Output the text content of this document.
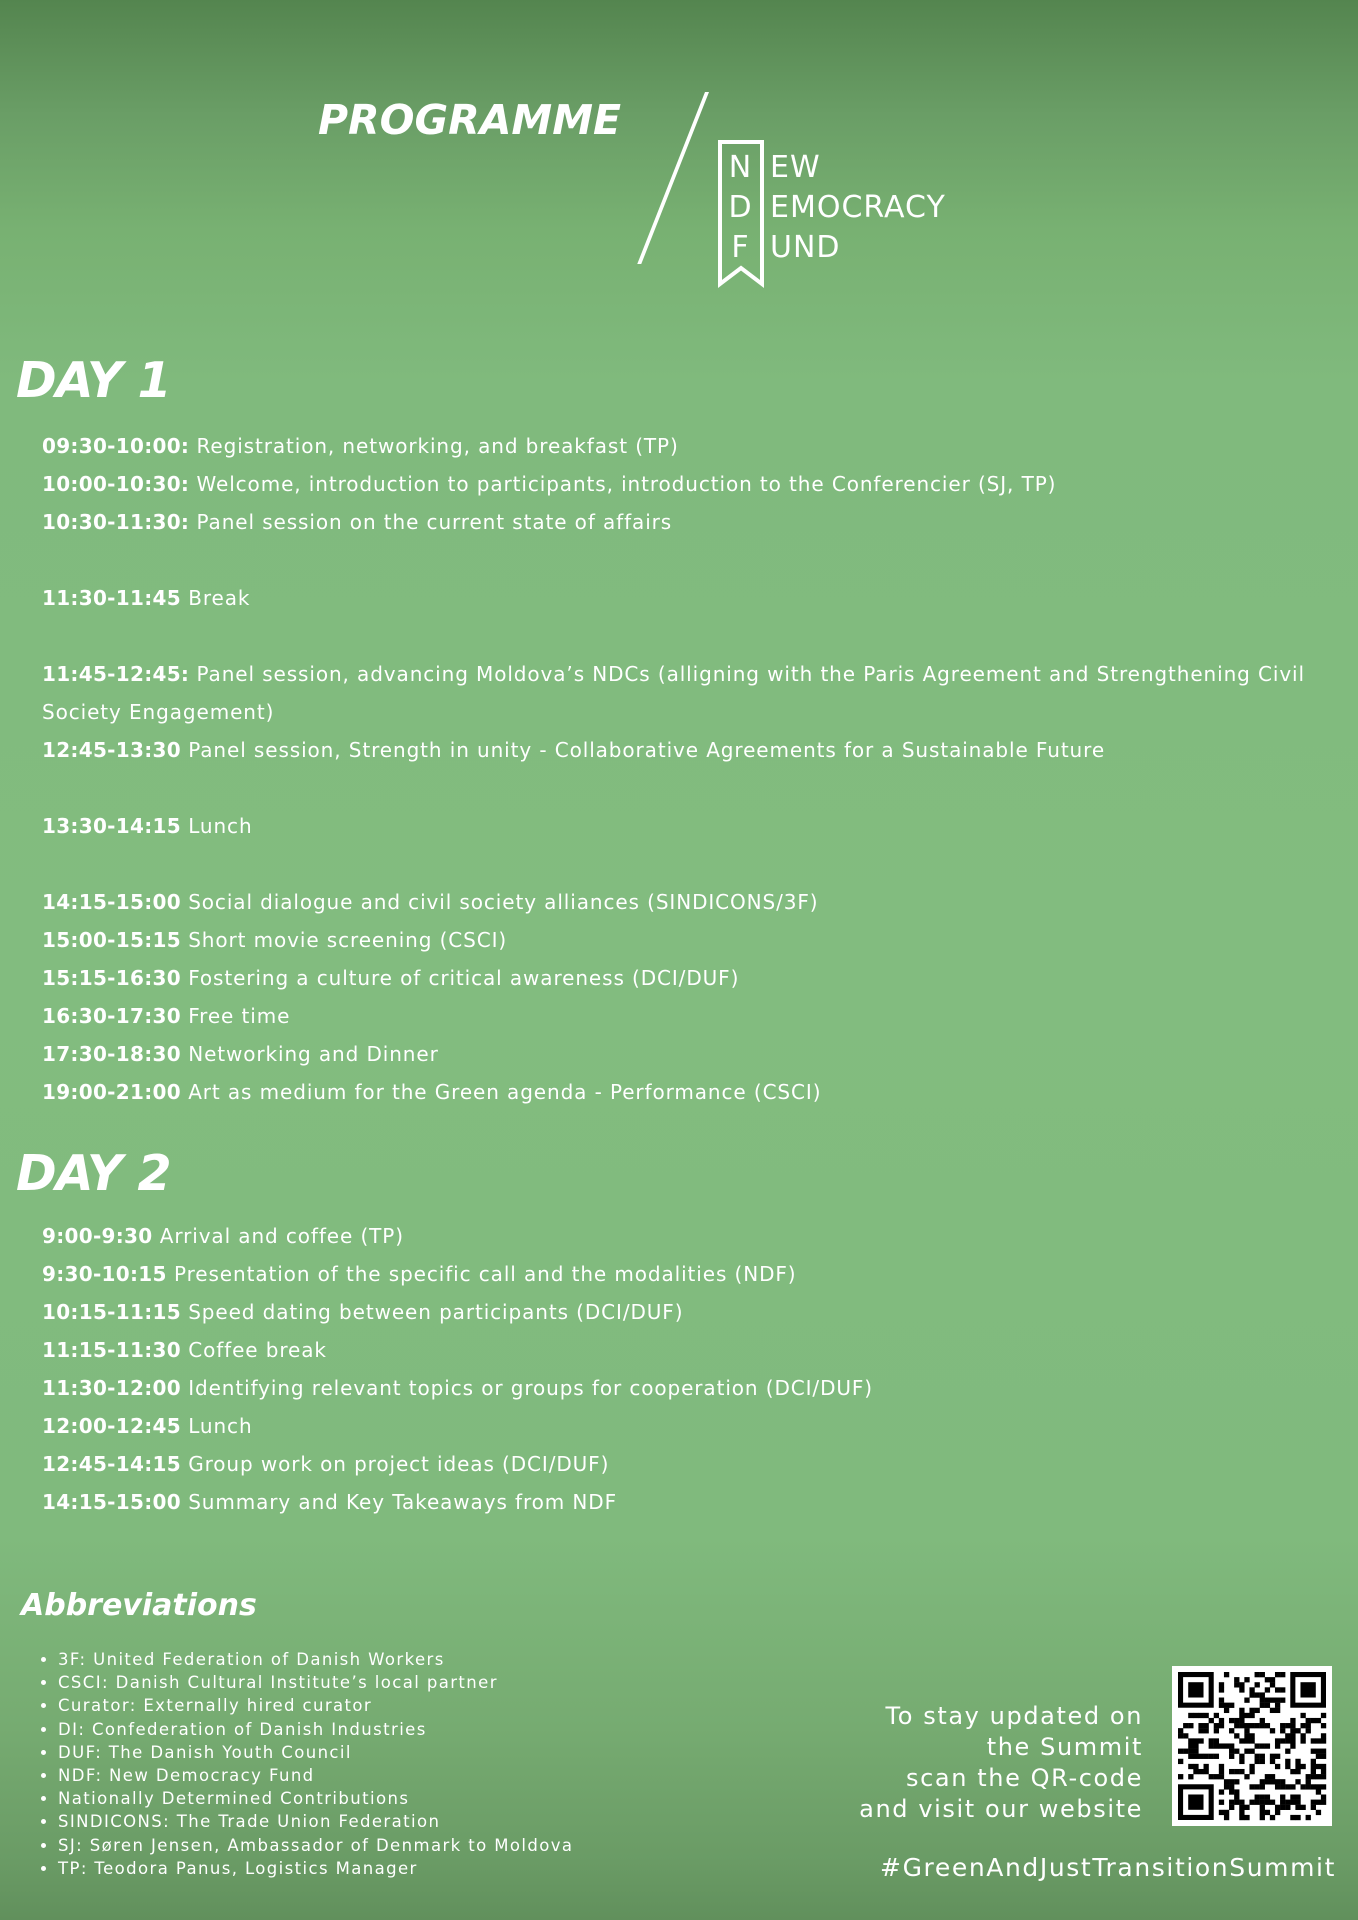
PROGRAMME
N
D
F
EW
EMOCRACY
UND
DAY 1
09:30-10:00: Registration, networking, and breakfast (TP)
10:00-10:30: Welcome, introduction to participants, introduction to the Conferencier (SJ, TP)
10:30-11:30: Panel session on the current state of affairs
11:30-11:45 Break
11:45-12:45: Panel session, advancing Moldova’s NDCs (alligning with the Paris Agreement and Strengthening Civil Society Engagement)
12:45-13:30 Panel session, Strength in unity - Collaborative Agreements for a Sustainable Future
13:30-14:15 Lunch
14:15-15:00 Social dialogue and civil society alliances (SINDICONS/3F)
15:00-15:15 Short movie screening (CSCI)
15:15-16:30 Fostering a culture of critical awareness (DCI/DUF)
16:30-17:30 Free time
17:30-18:30 Networking and Dinner
19:00-21:00 Art as medium for the Green agenda - Performance (CSCI)
DAY 2
9:00-9:30 Arrival and coffee (TP)
9:30-10:15 Presentation of the specific call and the modalities (NDF)
10:15-11:15 Speed dating between participants (DCI/DUF)
11:15-11:30 Coffee break
11:30-12:00 Identifying relevant topics or groups for cooperation (DCI/DUF)
12:00-12:45 Lunch
12:45-14:15 Group work on project ideas (DCI/DUF)
14:15-15:00 Summary and Key Takeaways from NDF
Abbreviations
• 3F: United Federation of Danish Workers
• CSCI: Danish Cultural Institute’s local partner
• Curator: Externally hired curator
• DI: Confederation of Danish Industries
• DUF: The Danish Youth Council
• NDF: New Democracy Fund
• Nationally Determined Contributions
• SINDICONS: The Trade Union Federation
• SJ: Søren Jensen, Ambassador of Denmark to Moldova
• TP: Teodora Panus, Logistics Manager
To stay updated on
the Summit
scan the QR-code
and visit our website
#GreenAndJustTransitionSummit
